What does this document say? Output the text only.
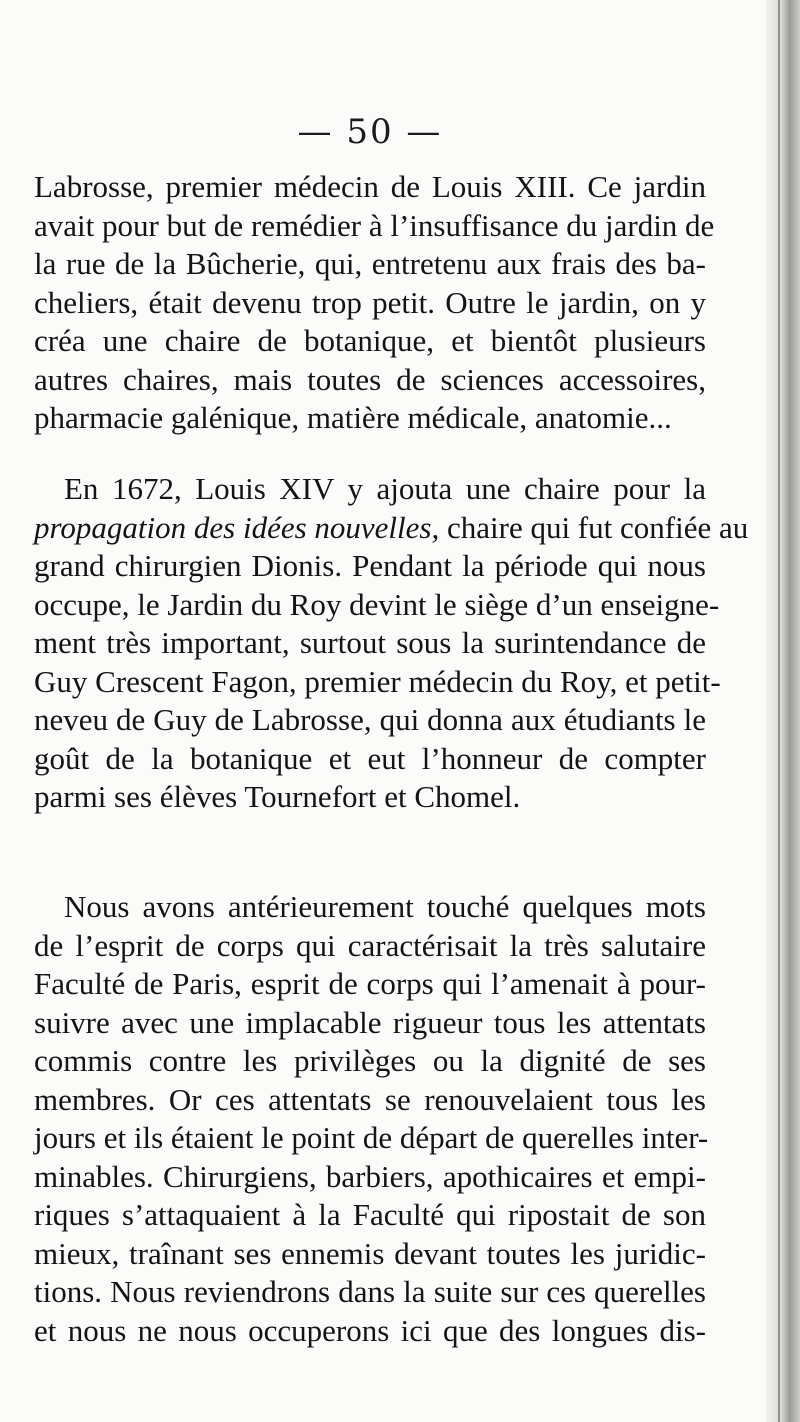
— 50 —
Labrosse, premier médecin de Louis XIII. Ce jardin
avait pour but de remédier à l’insuffisance du jardin de
la rue de la Bûcherie, qui, entretenu aux frais des ba-
cheliers, était devenu trop petit. Outre le jardin, on y
créa une chaire de botanique, et bientôt plusieurs
autres chaires, mais toutes de sciences accessoires,
pharmacie galénique, matière médicale, anatomie...
En 1672, Louis XIV y ajouta une chaire pour la
propagation des idées nouvelles, chaire qui fut confiée au
grand chirurgien Dionis. Pendant la période qui nous
occupe, le Jardin du Roy devint le siège d’un enseigne-
ment très important, surtout sous la surintendance de
Guy Crescent Fagon, premier médecin du Roy, et petit-
neveu de Guy de Labrosse, qui donna aux étudiants le
goût de la botanique et eut l’honneur de compter
parmi ses élèves Tournefort et Chomel.
Nous avons antérieurement touché quelques mots
de l’esprit de corps qui caractérisait la très salutaire
Faculté de Paris, esprit de corps qui l’amenait à pour-
suivre avec une implacable rigueur tous les attentats
commis contre les privilèges ou la dignité de ses
membres. Or ces attentats se renouvelaient tous les
jours et ils étaient le point de départ de querelles inter-
minables. Chirurgiens, barbiers, apothicaires et empi-
riques s’attaquaient à la Faculté qui ripostait de son
mieux, traînant ses ennemis devant toutes les juridic-
tions. Nous reviendrons dans la suite sur ces querelles
et nous ne nous occuperons ici que des longues dis-
